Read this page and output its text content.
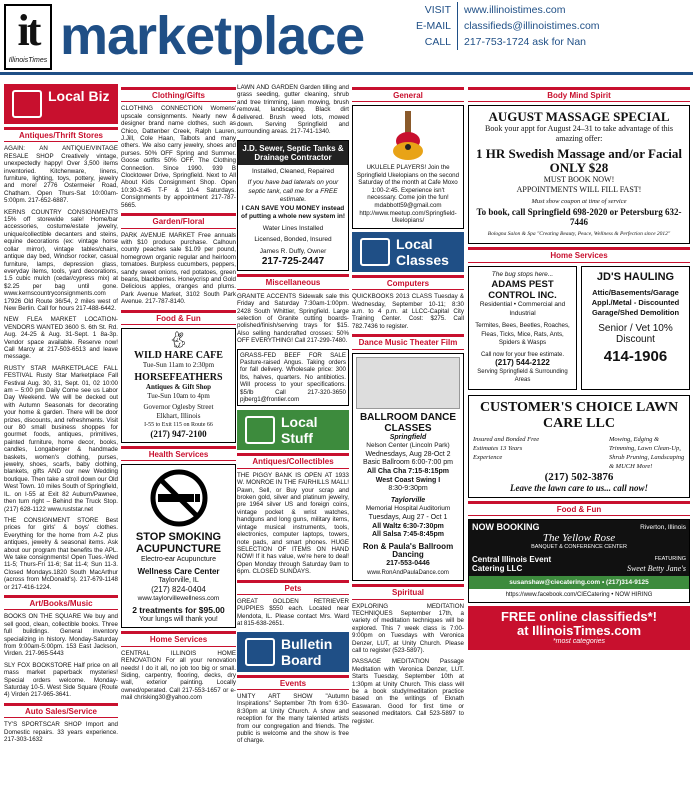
it
IllinoisTimes marketplace	VISIT	www.illinoistimes.com
E-MAIL	classifieds@illinoistimes.com
CALL	217-753-1724 ask for Nan
Local Biz
Antiques/Thrift Stores
AGAIN: AN ANTIQUE/VINTAGE RESALE SHOP Creatively vintage, unexpectedly happy! Over 3,500 items inventoried. Kitchenware, linens, furniture, lighting, toys, pottery, jewelry and more! 2776 Ostermeier Road, Chatham. Open Thurs-Sat 10:00am-5:00pm. 217-652-6887.
KERNS COUNTRY CONSIGNMENTS 15% off storewide sale! Home/bar accessories, costume/estate jewelry, unique/collectible decanters and steins, equine decorations (ex: vintage horse collar mirror), vintage tables/chairs, antique day bed, Windsor rocker, casual furniture, lamps, depression glass, everyday items, tools, yard decorations, 1.5 cubic mulch (cedar/cypress mix) at $2.25 per bag until gone. www.kernscountryconsignments.com 17926 Old Route 36/54, 2 miles west of New Berlin. Call for hours 217-488-6442.
NEW FLEA MARKET LOCATION-VENDORS WANTED 3600 S. 6th St. Rd. Aug. 24-25 & Aug. 31-Sept. 1 8a-3p. Vendor space available. Reserve now! Call Marcy at 217-503-6513 and leave message.
RUSTY STAR MARKETPLACE FALL FESTIVAL Rusty Star Marketplace Fall Festival Aug. 30, 31, Sept. 01, 02 10:00 am – 5:00 pm Daily Come see us Labor Day Weekend. We will be decked out with Autumn Seasonals for decorating your home & garden. There will be door prizes, discounts, and refreshments. Visit our 80 small business shoppes for gourmet foods, antiques, primitives, painted furniture, home decor, books, candles, Longaberger & handmade baskets, women's clothing, purses, jewelry, shoes, scarfs, baby clothing, blankets, gifts AND our new Wedding boutique. Then take a stroll down our Old West Town. 10 miles South of Springfield, IL. on I-55 at Exit 82 Auburn/Pawnee, then turn right – Behind the Truck Stop. (217) 628-1122 www.ruststar.net
THE CONSIGNMENT STORE Best prices for girls' & boys' clothes. Everything for the home from A-Z plus antiques, jewelry & seasonal items. Ask about our program that benefits the APL. We take consignments! Open Tues.-Wed 11-5; Thurs-Fri 11-6; Sat 11-4; Sun 11-3. Closed Mondays.1820 South MacArthur (across from McDonald's). 217-679-1148 or 217-416-1224.
Art/Books/Music
BOOKS ON THE SQUARE We buy and sell good, clean, collectible books. Three full buildings. General inventory specializing in history. Monday-Saturday from 9:00am-5:00pm. 153 East Jackson, Virden. 217-965-5443
SLY FOX BOOKSTORE Half price on all mass market paperback mysteries! Special orders welcome. Monday-Saturday 10-5. West Side Square (Route 4) Virden 217-965-3641.
Auto Sales/Service
TY'S SPORTSCAR SHOP Import and Domestic repairs. 33 years experience. 217-303-1632
Clothing/Gifts
CLOTHING CONNECTION Womens' upscale consignments. Nearly new & designer brand name clothes, such as Chico, Dattenber Creek, Ralph Lauren, J.Jill, Cole Haan, Talbots and many others. We also carry jewelry, shoes and purses. 50% OFF Spring and Summer. Goose outfits 50% OFF. The Clothing Connection. Since 1990. 939 B Clocktower Drive, Springfield. Next to All About Kids Consignment Shop. Open 10:30-3:45 T-F & 10-4 Saturdays. Consignments by appointment 217-787-5665.
Garden/Floral
PARK AVENUE MARKET Free annuals with $10 produce purchase. Calhoun county peaches sale $1.09 per pound, homegrown organic regular and heirloom tomatoes. Burpless cucumbers, peppers, sandy sweet onions, red potatoes, green beans, blackberries. Honeycrisp and Gold Delicious apples, oranges and plums. Park Avenue Market, 3102 South Park Avenue. 217-787-8140.
Food & Fun
🐇︎
WILD HARE CAFE
Tue-Sun 11am to 2:30pm
HORSEFEATHERS
Antiques & Gift Shop
Tue-Sun 10am to 4pm
Governor Oglesby Street
Elkhart, Illinois
I-55 to Exit 115 on Route 66
(217) 947-2100
Health Services
STOP SMOKING
ACUPUNCTURE
Electro-ear Acupuncture
Wellness Care Center
Taylorville, IL
(217) 824-0404
www.taylorvillewellness.com
2 treatments for $95.00
Your lungs will thank you!
Home Services
CENTRAL ILLINOIS HOME RENOVATION For all your renovation needs! I do it all, no job too big or small. Siding, carpentry, flooring, decks, dry wall, exterior painting. Locally owned/operated. Call 217-553-1657 or e-mail chrisking30@yahoo.com
LAWN AND GARDEN Garden tilling and grass seeding, gutter cleaning, shrub and tree trimming, lawn mowing, brush removal, landscaping. Black dirt delivered. Brush weed lots, mowed down. Serving Springfield and surrounding areas. 217-741-1340.
J.D. Sewer, Septic Tanks & Drainage Contractor
Installed, Cleaned, Repaired
If you have bad laterals on your septic tank, call me for a FREE estimate.
I CAN SAVE YOU MONEY instead of putting a whole new system in!
Water Lines Installed
Licensed, Bonded, Insured
James R. Duffy, Owner
217-725-2447
Miscellaneous
GRANITE ACCENTS Sidewalk sale this Friday and Saturday 7:30am-1:00pm. 2428 South Whittier, Springfield. Large selection of Granite cutting boards-polished/finish/serving trays for $15. Also selling handcrafted crosses: 50% OFF EVERYTHING! Call 217-299-7480.
GRASS-FED BEEF FOR SALE Pasture-raised Angus. Taking orders for fall delivery. Wholesale price: 300 lbs, halves, quarters. No antibiotics. Will process to your specifications. $5/lb Call 217-320-3650 pjberg1@frontier.com
Local Stuff
Antiques/Collectibles
THE PIGGY BANK IS OPEN AT 1933 W. MONROE IN THE FAIRHILLS MALL! Pawn, Sell, or Buy your scrap and broken gold, silver and platinum jewelry, pre 1964 silver US and foreign coins, vintage pocket & wrist watches, handguns and long guns, military items, vintage musical instruments, tools, electronics, computer laptops, towers, note pads, and smart phones. HUGE SELECTION OF ITEMS ON HAND NOW! If it has value, we're here to deal! Open Monday through Saturday 9am to 6pm. CLOSED SUNDAYS.
Pets
GREAT GOLDEN RETRIEVER PUPPIES $550 each. Located near Mendota, IL. Please contact Mrs. Ward at 815-638-2651.
Bulletin Board
Events
UNITY ART SHOW "Autumn Inspirations" September 7th from 6:30-8:30pm at Unity Church. A show and reception for the many talented artists from our congregation and friends. The public is welcome and the show is free of charge.
General
UKULELE PLAYERS! Join the Springfield Ukelopians on the second Saturday of the month at Cafe Moxo 1:00-2:45. Experience isn't necessary. Come join the fun! mdabbott59@gmail.com http://www.meetup.com/Springfield-Ukelopians/
Local Classes
Computers
QUICKBOOKS 2013 CLASS Tuesday & Wednesday, September 10-11; 8:30 a.m. to 4 p.m. at LLCC-Capital City Training Center. Cost: $275. Call 782.7436 to register.
Dance Music Theater Film
BALLROOM DANCE CLASSES
Springfield
Nelson Center (Lincoln Park)
Wednesdays, Aug 28-Oct 2
Basic Ballroom 6:00-7:00 pm
All Cha Cha 7:15-8:15pm
West Coast Swing I
8:30-9:30pm
Taylorville
Memorial Hospital Auditorium
Tuesdays, Aug 27 - Oct 1
All Waltz 6:30-7:30pm
All Salsa 7:45-8:45pm
Ron & Paula's Ballroom Dancing
217-553-0446
www.RonAndPaulaDance.com
Spiritual
EXPLORING MEDITATION TECHNIQUES September 17th, a variety of meditation techniques will be explored. This 7 week class is 7:00-9:00pm on Tuesdays with Veronica Denzer, LUT, at Unity Church. Please call to register (523-5897).
PASSAGE MEDITATION Passage Meditation with Veronica Denzer, LUT. Starts Tuesday, September 10th at 1:30pm at Unity Church. This class will be a book study/meditation practice based on the writings of Eknath Easwaran. Good for first time or seasoned meditators. Call 523-5897 to register.
Body Mind Spirit
AUGUST MASSAGE SPECIAL
Book your appt for August 24–31 to take advantage of this amazing offer:
1 HR Swedish Massage and/or Facial ONLY $28
MUST BOOK NOW!
APPOINTMENTS WILL FILL FAST!
Must show coupon at time of service
To book, call Springfield 698-2020 or Petersburg 632-7446
Bologna Salon & Spa "Creating Beauty, Peace, Wellness & Perfection since 2012"
Home Services
The bug stops here...
ADAMS PEST CONTROL INC.
Residential • Commercial and Industrial
Termites, Bees, Beetles, Roaches, Fleas, Ticks, Mice, Rats, Ants, Spiders & Wasps
Call now for your free estimate.
(217) 544-2122
Serving Springfield & Surrounding Areas
JD'S HAULING
Attic/Basements/Garage Appl./Metal - Discounted Garage/Shed Demolition
Senior / Vet 10% Discount
414-1906
CUSTOMER'S CHOICE LAWN CARE LLC
Insured and Bonded Free Estimates 13 Years Experience
Mowing, Edging & Trimming, Lawn Clean-Up, Shrub Pruning, Landscaping & MUCH More!
(217) 502-3876
Leave the lawn care to us... call now!
Food & Fun
NOW BOOKING	Riverton, Illinois
The Yellow Rose
BANQUET & CONFERENCE CENTER
Central Illinois Event Catering LLC
FEATURING
Sweet Betty Jane's
susanshaw@ciecatering.com • (217)314-9125
https://www.facebook.com/CIECatering • NOW HIRING
FREE online classifieds*!
at IllinoisTimes.com
*most categories
